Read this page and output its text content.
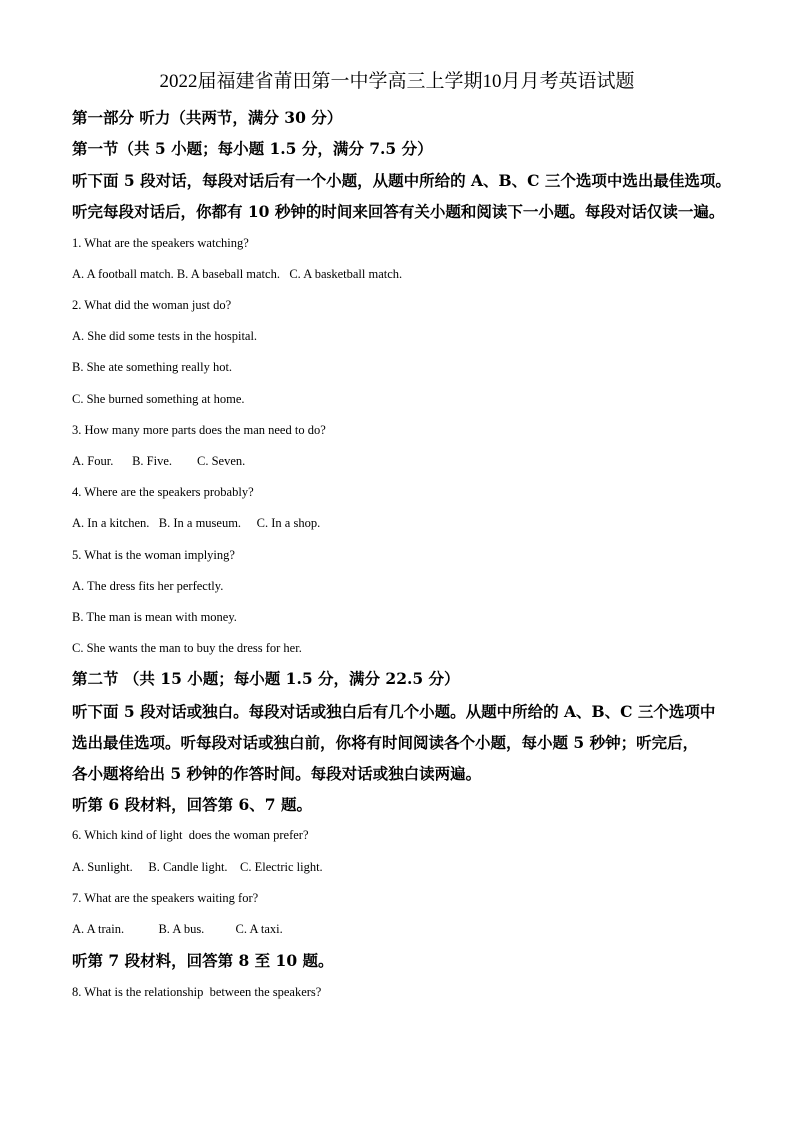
2022届福建省莆田第一中学高三上学期10月月考英语试题
第一部分 听力（共两节，满分 30 分）
第一节（共 5 小题；每小题 1.5 分，满分 7.5 分）
听下面 5 段对话，每段对话后有一个小题，从题中所给的 A、B、C 三个选项中选出最佳选项。
听完每段对话后，你都有 10 秒钟的时间来回答有关小题和阅读下一小题。每段对话仅读一遍。
1. What are the speakers watching?
A. A football match. B. A baseball match.   C. A basketball match.
2. What did the woman just do?
A. She did some tests in the hospital.
B. She ate something really hot.
C. She burned something at home.
3. How many more parts does the man need to do?
A. Four.      B. Five.        C. Seven.
4. Where are the speakers probably?
A. In a kitchen.   B. In a museum.     C. In a shop.
5. What is the woman implying?
A. The dress fits her perfectly.
B. The man is mean with money.
C. She wants the man to buy the dress for her.
第二节 （共 15 小题；每小题 1.5 分，满分 22.5 分）
听下面 5 段对话或独白。每段对话或独白后有几个小题。从题中所给的 A、B、C 三个选项中
选出最佳选项。听每段对话或独白前，你将有时间阅读各个小题，每小题 5 秒钟；听完后，
各小题将给出 5 秒钟的作答时间。每段对话或独白读两遍。
听第 6 段材料，回答第 6、7 题。
6. Which kind of light  does the woman prefer?
A. Sunlight.     B. Candle light.    C. Electric light.
7. What are the speakers waiting for?
A. A train.           B. A bus.          C. A taxi.
听第 7 段材料，回答第 8 至 10 题。
8. What is the relationship  between the speakers?
